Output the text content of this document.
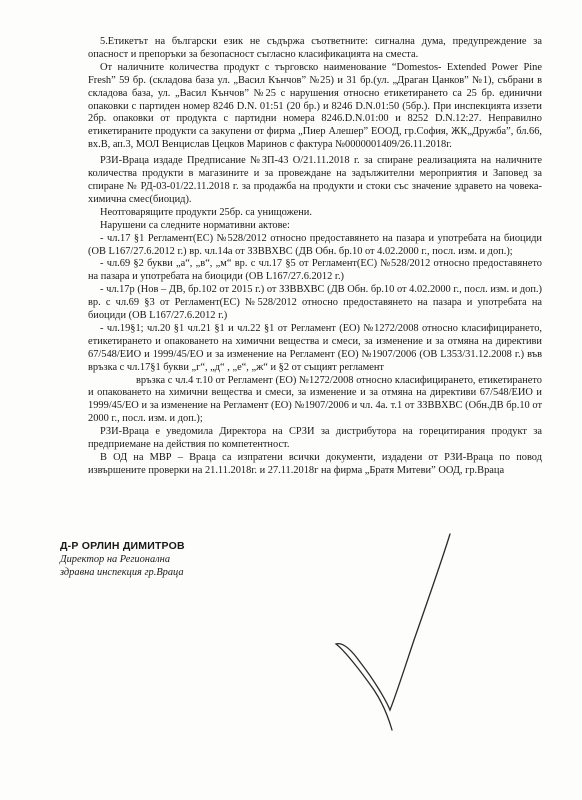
5.Етикетът на български език не съдържа съответните: сигнална дума, предупреждение за опасност и препоръки за безопасност съгласно класификацията на сместа.

От наличните количества продукт с търговско наименование “Domestos- Extended Power Pine Fresh” 59 бр. (складова база ул. „Васил Кънчов” №25) и 31 бр.(ул. „Драган Цанков” №1), събрани в складова база, ул. „Васил Кънчов” №25 с нарушения относно етикетирането са 25 бр. единични опаковки с партиден номер 8246 D.N. 01:51 (20 бр.) и 8246 D.N.01:50 (5бр.). При инспекцията иззети 2бр. опаковки от продукта с партидни номера 8246.D.N.01:00 и 8252 D.N.12:27. Неправилно етикетираните продукти са закупени от фирма „Пиер Алешер” ЕООД, гр.София, ЖК„Дружба”, бл.66, вх.В, ап.3, МОЛ Венцислав Цецков Маринов с фактура №0000001409/26.11.2018г.

РЗИ-Враца издаде Предписание №ЗП-43 О/21.11.2018 г. за спиране реализацията на наличните количества продукти в магазините и за провеждане на задължителни мероприятия и Заповед за спиране № РД-03-01/22.11.2018 г. за продажба на продукти и стоки със значение здравето на човека-химична смес(биоцид).

Неотговарящите продукти 25бр. са унищожени.

Нарушени са следните нормативни актове:

- чл.17 §1 Регламент(ЕС) №528/2012 относно предоставянето на пазара и употребата на биоциди (ОВ L167/27.6.2012 г.) вр. чл.14а от ЗЗВВХВС (ДВ Обн. бр.10 от 4.02.2000 г., посл. изм. и доп.);

- чл.69 §2 букви „а“, „в“, „м“ вр. с чл.17 §5 от Регламент(ЕС) №528/2012 относно предоставянето на пазара и употребата на биоциди (ОВ L167/27.6.2012 г.)

- чл.17р (Нов – ДВ, бр.102 от 2015 г.) от ЗЗВВХВС (ДВ Обн. бр.10 от 4.02.2000 г., посл. изм. и доп.) вр. с чл.69 §3 от Регламент(ЕС) №528/2012 относно предоставянето на пазара и употребата на биоциди (ОВ L167/27.6.2012 г.)

- чл.19§1; чл.20 §1 чл.21 §1 и чл.22 §1 от Регламент (ЕО) №1272/2008 относно класифицирането, етикетирането и опаковането на химични вещества и смеси, за изменение и за отмяна на директиви 67/548/ЕИО и 1999/45/ЕО и за изменение на Регламент (ЕО) №1907/2006 (ОВ L353/31.12.2008 г.) във връзка с чл.17§1 букви „г“, „д“ , „е“, „ж“ и §2 от същият регламент

връзка с чл.4 т.10 от Регламент (ЕО) №1272/2008 относно класифицирането, етикетирането и опаковането на химични вещества и смеси, за изменение и за отмяна на директиви 67/548/ЕИО и 1999/45/ЕО и за изменение на Регламент (ЕО) №1907/2006 и чл. 4а. т.1 от ЗЗВВХВС (Обн.ДВ бр.10 от 2000 г., посл. изм. и доп.);

РЗИ-Враца е уведомила Директора на СРЗИ за дистрибутора на горецитирания продукт за предприемане на действия по компетентност.

В ОД на МВР – Враца са изпратени всички документи, издадени от РЗИ-Враца по повод извършените проверки на 21.11.2018г. и 27.11.2018г на фирма „Братя Митеви” ООД, гр.Враца

Д-Р ОРЛИН ДИМИТРОВ

Директор на Регионална

здравна инспекция гр.Враца
